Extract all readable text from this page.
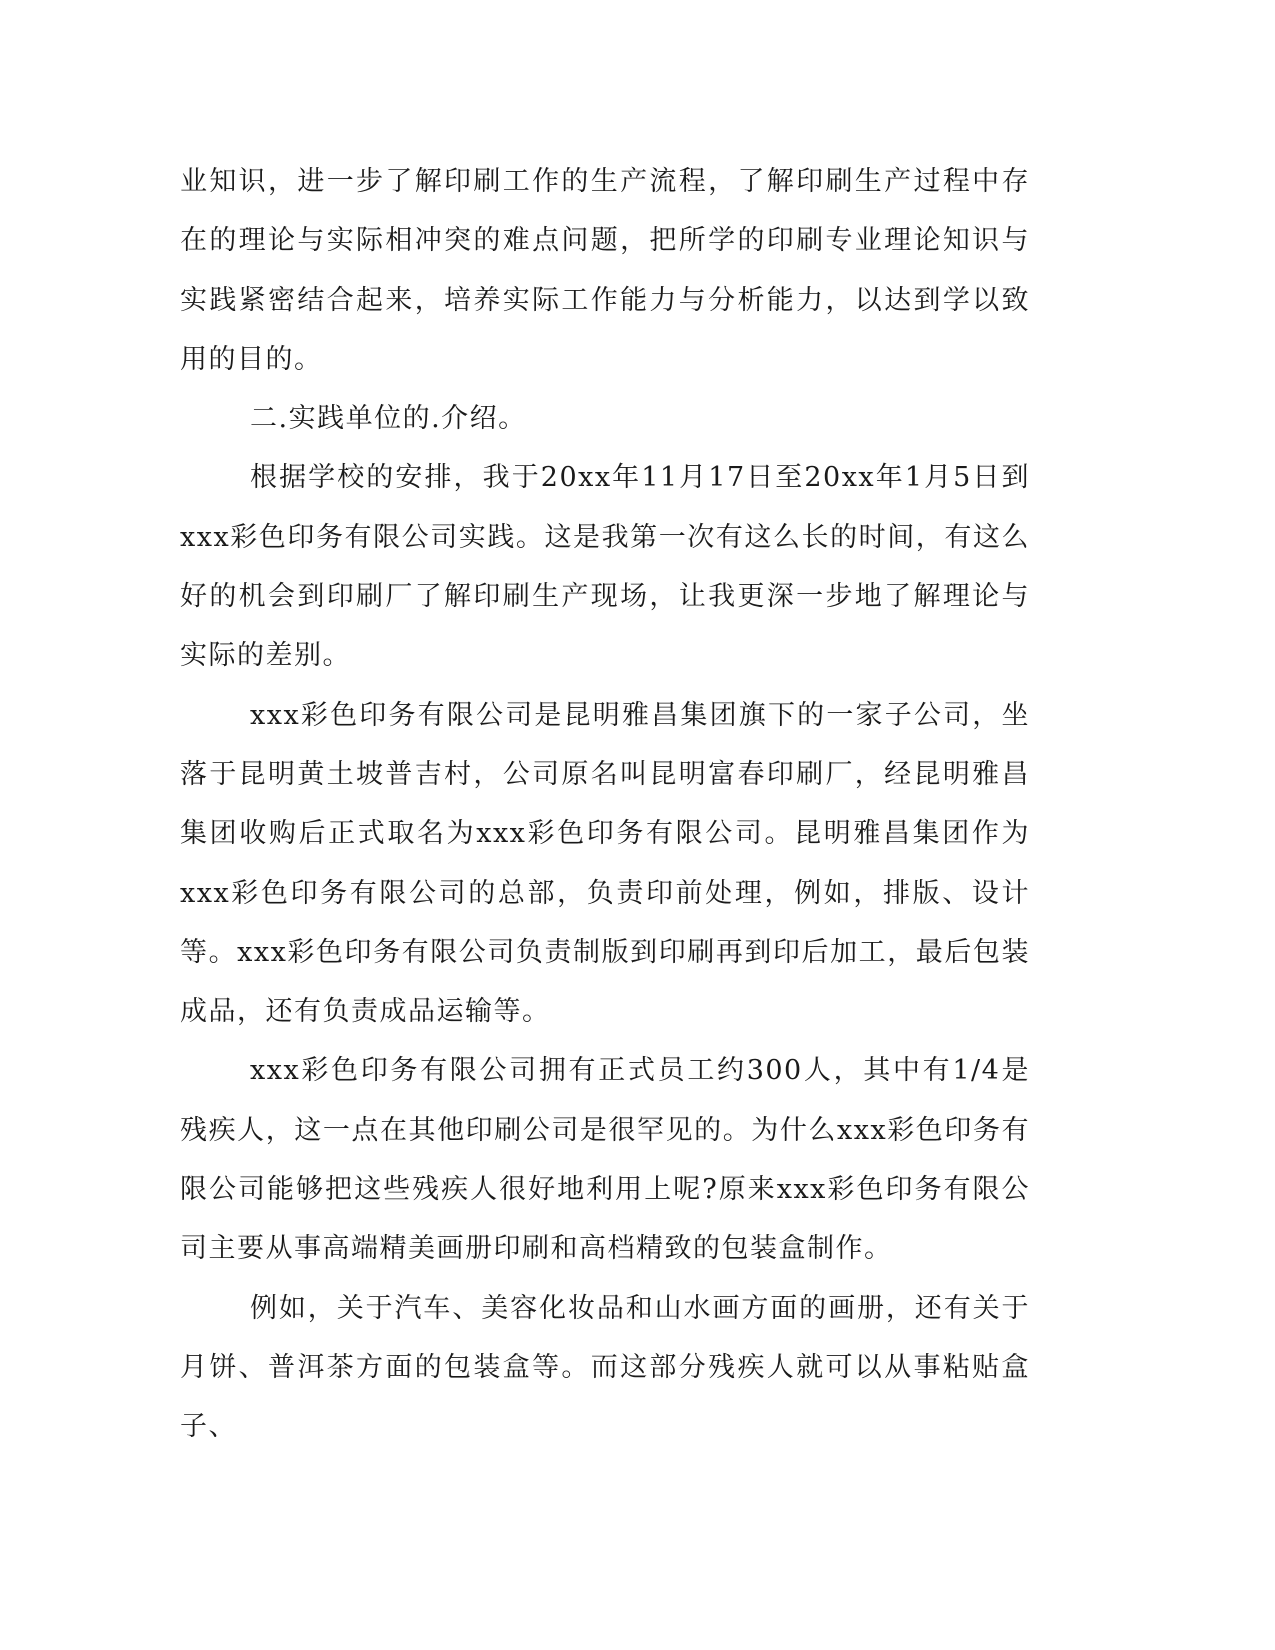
业知识，进一步了解印刷工作的生产流程，了解印刷生产过程中存在的理论与实际相冲突的难点问题，把所学的印刷专业理论知识与实践紧密结合起来，培养实际工作能力与分析能力，以达到学以致用的目的。

二.实践单位的.介绍。

根据学校的安排，我于20xx年11月17日至20xx年1月5日到xxx彩色印务有限公司实践。这是我第一次有这么长的时间，有这么好的机会到印刷厂了解印刷生产现场，让我更深一步地了解理论与实际的差别。

xxx彩色印务有限公司是昆明雅昌集团旗下的一家子公司，坐落于昆明黄土坡普吉村，公司原名叫昆明富春印刷厂，经昆明雅昌集团收购后正式取名为xxx彩色印务有限公司。昆明雅昌集团作为xxx彩色印务有限公司的总部，负责印前处理，例如，排版、设计等。xxx彩色印务有限公司负责制版到印刷再到印后加工，最后包装成品，还有负责成品运输等。

xxx彩色印务有限公司拥有正式员工约300人，其中有1/4是残疾人，这一点在其他印刷公司是很罕见的。为什么xxx彩色印务有限公司能够把这些残疾人很好地利用上呢?原来xxx彩色印务有限公司主要从事高端精美画册印刷和高档精致的包装盒制作。

例如，关于汽车、美容化妆品和山水画方面的画册，还有关于月饼、普洱茶方面的包装盒等。而这部分残疾人就可以从事粘贴盒子、
